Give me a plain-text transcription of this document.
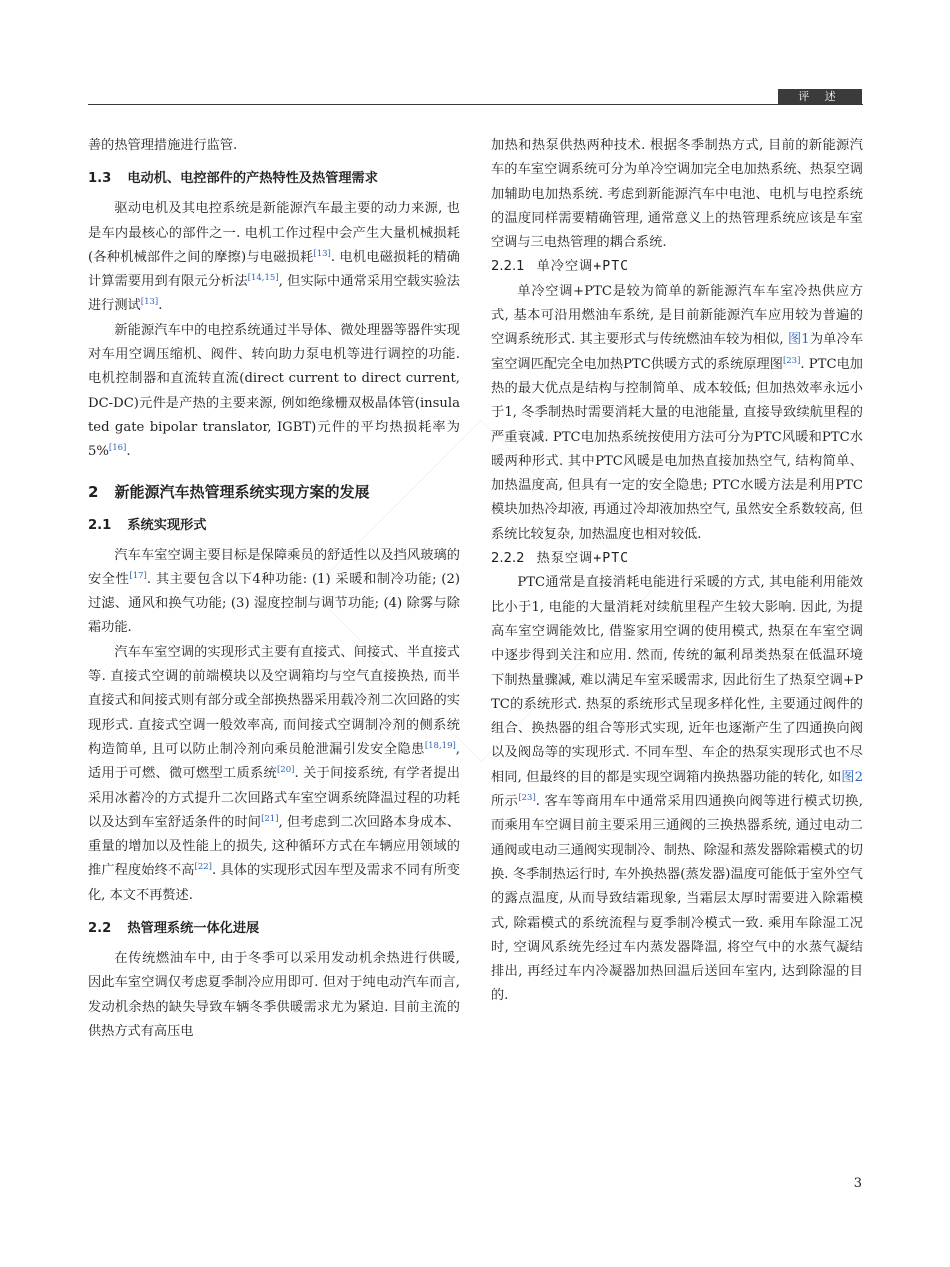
评 述

善的热管理措施进行监管.

1.3 电动机、电控部件的产热特性及热管理需求

驱动电机及其电控系统是新能源汽车最主要的动力来源, 也是车内最核心的部件之一. 电机工作过程中会产生大量机械损耗(各种机械部件之间的摩擦)与电磁损耗[13]. 电机电磁损耗的精确计算需要用到有限元分析法[14,15], 但实际中通常采用空载实验法进行测试[13].

新能源汽车中的电控系统通过半导体、微处理器等器件实现对车用空调压缩机、阀件、转向助力泵电机等进行调控的功能. 电机控制器和直流转直流(direct current to direct current, DC-DC)元件是产热的主要来源, 例如绝缘栅双极晶体管(insulated gate bipolar translator, IGBT)元件的平均热损耗率为5%[16].

2 新能源汽车热管理系统实现方案的发展
2.1 系统实现形式

汽车车室空调主要目标是保障乘员的舒适性以及挡风玻璃的安全性[17]. 其主要包含以下4种功能: (1) 采暖和制冷功能; (2) 过滤、通风和换气功能; (3) 湿度控制与调节功能; (4) 除雾与除霜功能.

汽车车室空调的实现形式主要有直接式、间接式、半直接式等. 直接式空调的前端模块以及空调箱均与空气直接换热, 而半直接式和间接式则有部分或全部换热器采用载冷剂二次回路的实现形式. 直接式空调一般效率高, 而间接式空调制冷剂的侧系统构造简单, 且可以防止制冷剂向乘员舱泄漏引发安全隐患[18,19], 适用于可燃、微可燃型工质系统[20]. 关于间接系统, 有学者提出采用冰蓄冷的方式提升二次回路式车室空调系统降温过程的功耗以及达到车室舒适条件的时间[21], 但考虑到二次回路本身成本、重量的增加以及性能上的损失, 这种循环方式在车辆应用领域的推广程度始终不高[22]. 具体的实现形式因车型及需求不同有所变化, 本文不再赘述.

2.2 热管理系统一体化进展

在传统燃油车中, 由于冬季可以采用发动机余热进行供暖, 因此车室空调仅考虑夏季制冷应用即可. 但对于纯电动汽车而言, 发动机余热的缺失导致车辆冬季供暖需求尤为紧迫. 目前主流的供热方式有高压电

加热和热泵供热两种技术. 根据冬季制热方式, 目前的新能源汽车的车室空调系统可分为单冷空调加完全电加热系统、热泵空调加辅助电加热系统. 考虑到新能源汽车中电池、电机与电控系统的温度同样需要精确管理, 通常意义上的热管理系统应该是车室空调与三电热管理的耦合系统.

2.2.1 单冷空调+PTC

单冷空调+PTC是较为简单的新能源汽车车室冷热供应方式, 基本可沿用燃油车系统, 是目前新能源汽车应用较为普遍的空调系统形式. 其主要形式与传统燃油车较为相似, 图1为单冷车室空调匹配完全电加热PTC供暖方式的系统原理图[23]. PTC电加热的最大优点是结构与控制简单、成本较低; 但加热效率永远小于1, 冬季制热时需要消耗大量的电池能量, 直接导致续航里程的严重衰减. PTC电加热系统按使用方法可分为PTC风暖和PTC水暖两种形式. 其中PTC风暖是电加热直接加热空气, 结构简单、加热温度高, 但具有一定的安全隐患; PTC水暖方法是利用PTC模块加热冷却液, 再通过冷却液加热空气, 虽然安全系数较高, 但系统比较复杂, 加热温度也相对较低.

2.2.2 热泵空调+PTC

PTC通常是直接消耗电能进行采暖的方式, 其电能利用能效比小于1, 电能的大量消耗对续航里程产生较大影响. 因此, 为提高车室空调能效比, 借鉴家用空调的使用模式, 热泵在车室空调中逐步得到关注和应用. 然而, 传统的氟利昂类热泵在低温环境下制热量骤减, 难以满足车室采暖需求, 因此衍生了热泵空调+PTC的系统形式. 热泵的系统形式呈现多样化性, 主要通过阀件的组合、换热器的组合等形式实现, 近年也逐渐产生了四通换向阀以及阀岛等的实现形式. 不同车型、车企的热泵实现形式也不尽相同, 但最终的目的都是实现空调箱内换热器功能的转化, 如图2所示[23]. 客车等商用车中通常采用四通换向阀等进行模式切换, 而乘用车空调目前主要采用三通阀的三换热器系统, 通过电动二通阀或电动三通阀实现制冷、制热、除湿和蒸发器除霜模式的切换. 冬季制热运行时, 车外换热器(蒸发器)温度可能低于室外空气的露点温度, 从而导致结霜现象, 当霜层太厚时需要进入除霜模式, 除霜模式的系统流程与夏季制冷模式一致. 乘用车除湿工况时, 空调风系统先经过车内蒸发器降温, 将空气中的水蒸气凝结排出, 再经过车内冷凝器加热回温后送回车室内, 达到除湿的目的.

3
